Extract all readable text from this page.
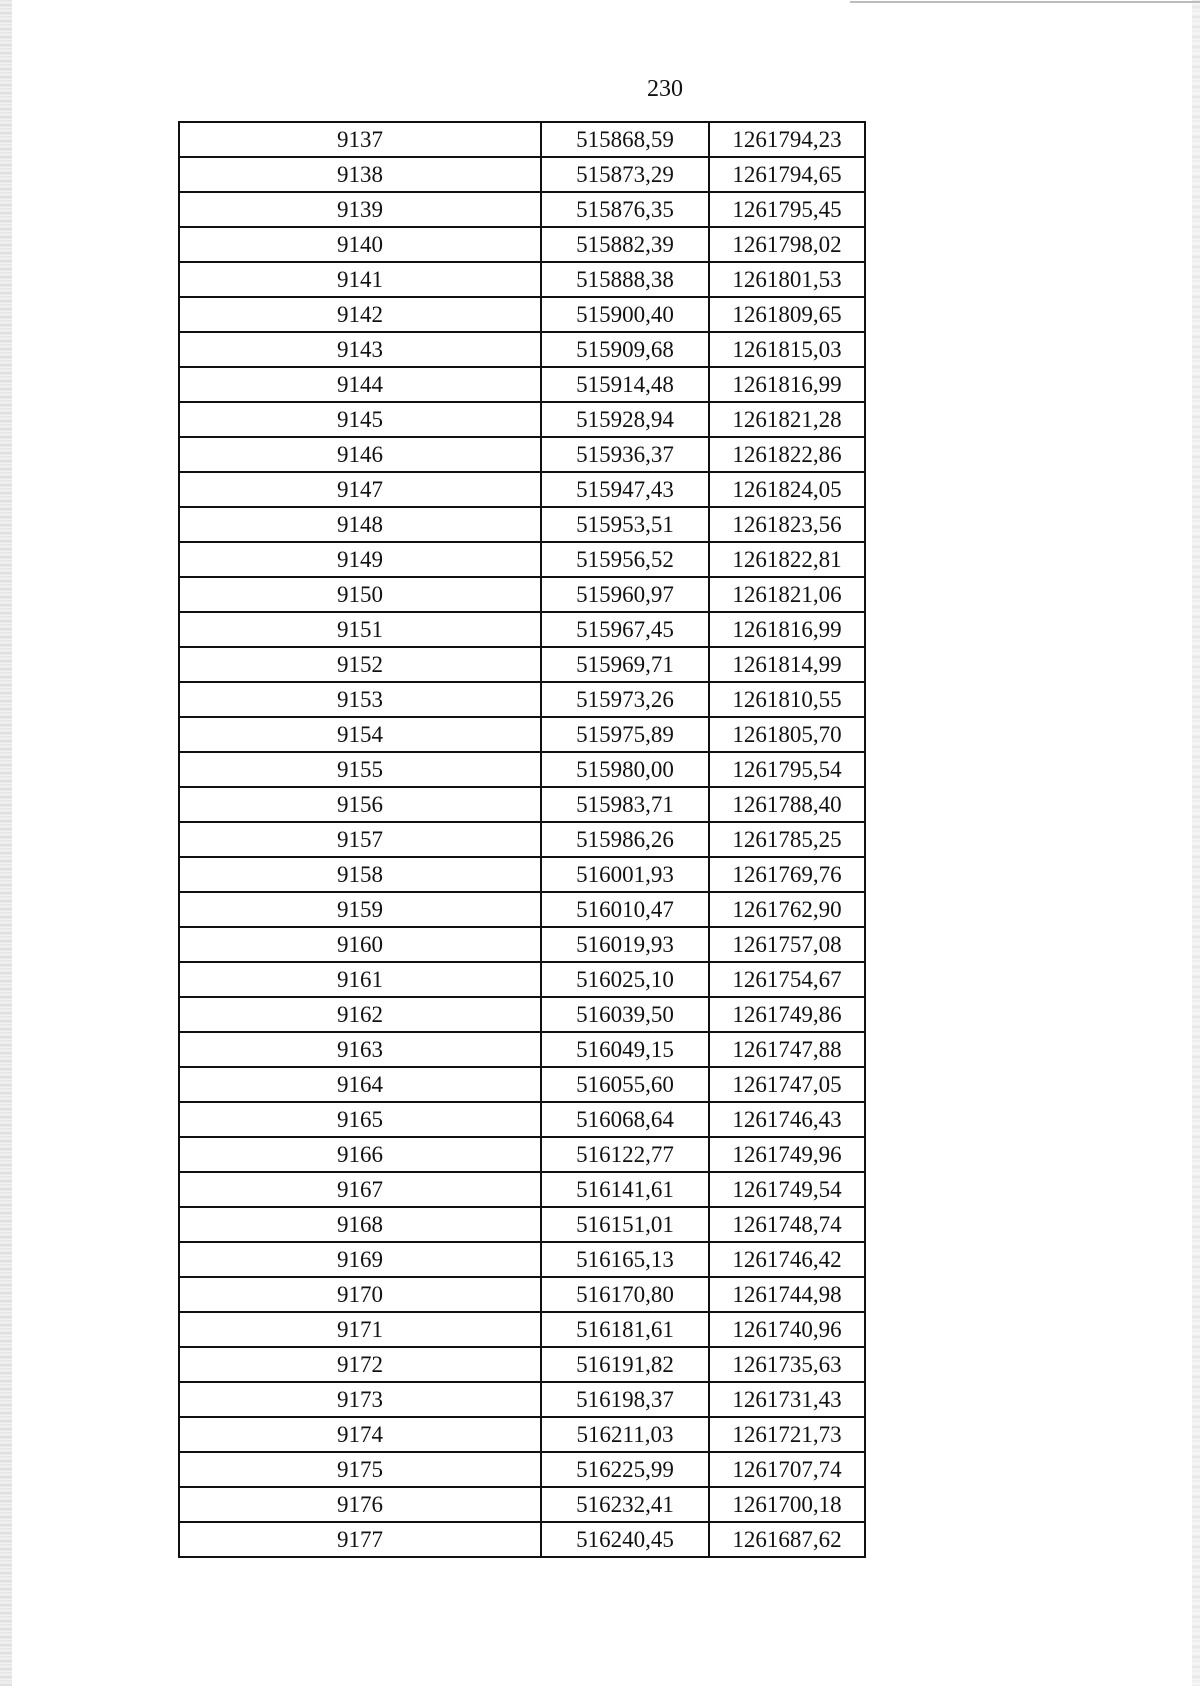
230
9137	515868,59	1261794,23
9138	515873,29	1261794,65
9139	515876,35	1261795,45
9140	515882,39	1261798,02
9141	515888,38	1261801,53
9142	515900,40	1261809,65
9143	515909,68	1261815,03
9144	515914,48	1261816,99
9145	515928,94	1261821,28
9146	515936,37	1261822,86
9147	515947,43	1261824,05
9148	515953,51	1261823,56
9149	515956,52	1261822,81
9150	515960,97	1261821,06
9151	515967,45	1261816,99
9152	515969,71	1261814,99
9153	515973,26	1261810,55
9154	515975,89	1261805,70
9155	515980,00	1261795,54
9156	515983,71	1261788,40
9157	515986,26	1261785,25
9158	516001,93	1261769,76
9159	516010,47	1261762,90
9160	516019,93	1261757,08
9161	516025,10	1261754,67
9162	516039,50	1261749,86
9163	516049,15	1261747,88
9164	516055,60	1261747,05
9165	516068,64	1261746,43
9166	516122,77	1261749,96
9167	516141,61	1261749,54
9168	516151,01	1261748,74
9169	516165,13	1261746,42
9170	516170,80	1261744,98
9171	516181,61	1261740,96
9172	516191,82	1261735,63
9173	516198,37	1261731,43
9174	516211,03	1261721,73
9175	516225,99	1261707,74
9176	516232,41	1261700,18
9177	516240,45	1261687,62
